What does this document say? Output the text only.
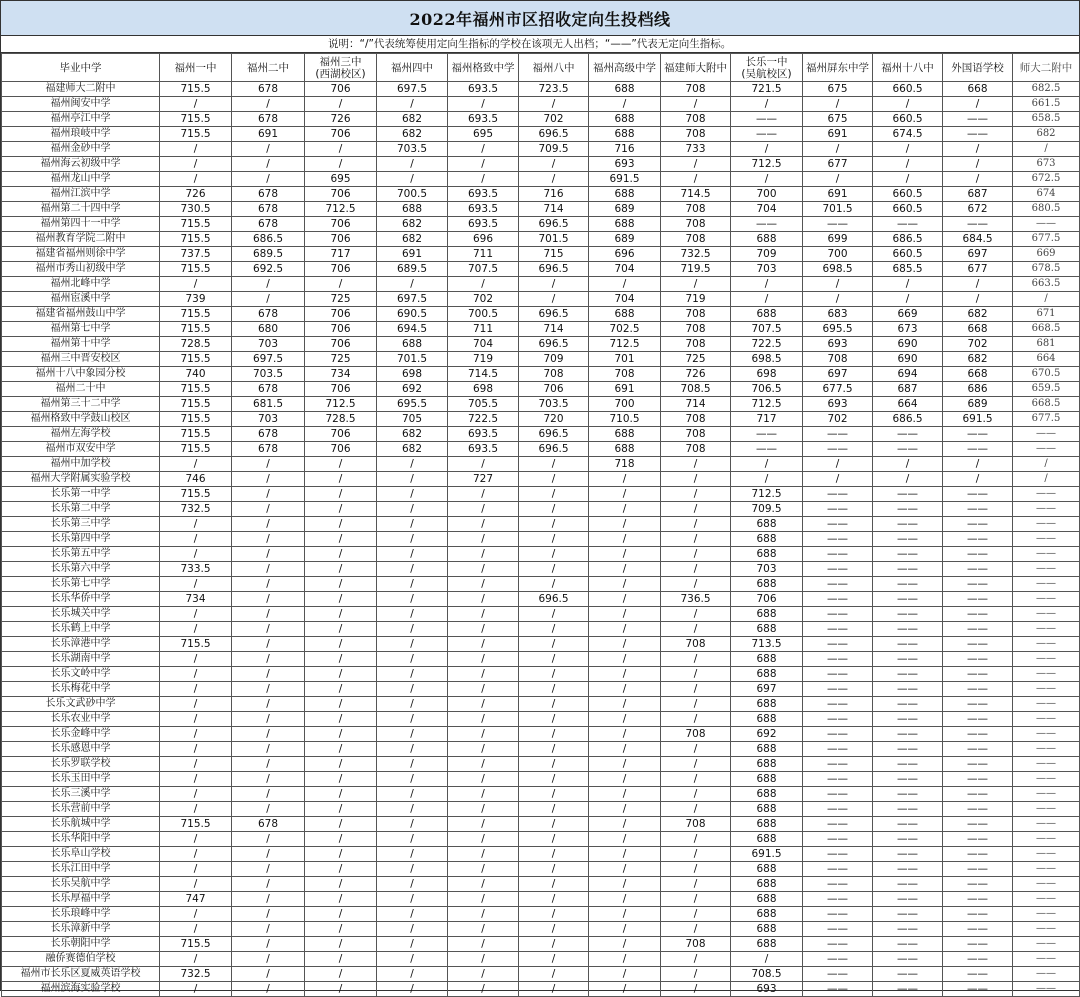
2022年福州市区招收定向生投档线
说明：“/”代表统筹使用定向生指标的学校在该项无人出档；“——”代表无定向生指标。
毕业中学	福州一中	福州二中	福州三中
(西湖校区)	福州四中	福州格致中学	福州八中	福州高级中学	福建师大附中	长乐一中
(吴航校区)	福州屏东中学	福州十八中	外国语学校	师大二附中
福建师大二附中	715.5	678	706	697.5	693.5	723.5	688	708	721.5	675	660.5	668	682.5
福州闽安中学	/	/	/	/	/	/	/	/	/	/	/	/	661.5
福州亭江中学	715.5	678	726	682	693.5	702	688	708	——	675	660.5	——	658.5
福州琅岐中学	715.5	691	706	682	695	696.5	688	708	——	691	674.5	——	682
福州金砂中学	/	/	/	703.5	/	709.5	716	733	/	/	/	/	/
福州海云初级中学	/	/	/	/	/	/	693	/	712.5	677	/	/	673
福州龙山中学	/	/	695	/	/	/	691.5	/	/	/	/	/	672.5
福州江滨中学	726	678	706	700.5	693.5	716	688	714.5	700	691	660.5	687	674
福州第二十四中学	730.5	678	712.5	688	693.5	714	689	708	704	701.5	660.5	672	680.5
福州第四十一中学	715.5	678	706	682	693.5	696.5	688	708	——	——	——	——	——
福州教育学院二附中	715.5	686.5	706	682	696	701.5	689	708	688	699	686.5	684.5	677.5
福建省福州则徐中学	737.5	689.5	717	691	711	715	696	732.5	709	700	660.5	697	669
福州市秀山初级中学	715.5	692.5	706	689.5	707.5	696.5	704	719.5	703	698.5	685.5	677	678.5
福州北峰中学	/	/	/	/	/	/	/	/	/	/	/	/	663.5
福州宦溪中学	739	/	725	697.5	702	/	704	719	/	/	/	/	/
福建省福州鼓山中学	715.5	678	706	690.5	700.5	696.5	688	708	688	683	669	682	671
福州第七中学	715.5	680	706	694.5	711	714	702.5	708	707.5	695.5	673	668	668.5
福州第十中学	728.5	703	706	688	704	696.5	712.5	708	722.5	693	690	702	681
福州三中晋安校区	715.5	697.5	725	701.5	719	709	701	725	698.5	708	690	682	664
福州十八中象园分校	740	703.5	734	698	714.5	708	708	726	698	697	694	668	670.5
福州二十中	715.5	678	706	692	698	706	691	708.5	706.5	677.5	687	686	659.5
福州第三十二中学	715.5	681.5	712.5	695.5	705.5	703.5	700	714	712.5	693	664	689	668.5
福州格致中学鼓山校区	715.5	703	728.5	705	722.5	720	710.5	708	717	702	686.5	691.5	677.5
福州左海学校	715.5	678	706	682	693.5	696.5	688	708	——	——	——	——	——
福州市双安中学	715.5	678	706	682	693.5	696.5	688	708	——	——	——	——	——
福州中加学校	/	/	/	/	/	/	718	/	/	/	/	/	/
福州大学附属实验学校	746	/	/	/	727	/	/	/	/	/	/	/	/
长乐第一中学	715.5	/	/	/	/	/	/	/	712.5	——	——	——	——
长乐第二中学	732.5	/	/	/	/	/	/	/	709.5	——	——	——	——
长乐第三中学	/	/	/	/	/	/	/	/	688	——	——	——	——
长乐第四中学	/	/	/	/	/	/	/	/	688	——	——	——	——
长乐第五中学	/	/	/	/	/	/	/	/	688	——	——	——	——
长乐第六中学	733.5	/	/	/	/	/	/	/	703	——	——	——	——
长乐第七中学	/	/	/	/	/	/	/	/	688	——	——	——	——
长乐华侨中学	734	/	/	/	/	696.5	/	736.5	706	——	——	——	——
长乐城关中学	/	/	/	/	/	/	/	/	688	——	——	——	——
长乐鹤上中学	/	/	/	/	/	/	/	/	688	——	——	——	——
长乐漳港中学	715.5	/	/	/	/	/	/	708	713.5	——	——	——	——
长乐湖南中学	/	/	/	/	/	/	/	/	688	——	——	——	——
长乐文岭中学	/	/	/	/	/	/	/	/	688	——	——	——	——
长乐梅花中学	/	/	/	/	/	/	/	/	697	——	——	——	——
长乐文武砂中学	/	/	/	/	/	/	/	/	688	——	——	——	——
长乐农业中学	/	/	/	/	/	/	/	/	688	——	——	——	——
长乐金峰中学	/	/	/	/	/	/	/	708	692	——	——	——	——
长乐感恩中学	/	/	/	/	/	/	/	/	688	——	——	——	——
长乐罗联学校	/	/	/	/	/	/	/	/	688	——	——	——	——
长乐玉田中学	/	/	/	/	/	/	/	/	688	——	——	——	——
长乐三溪中学	/	/	/	/	/	/	/	/	688	——	——	——	——
长乐营前中学	/	/	/	/	/	/	/	/	688	——	——	——	——
长乐航城中学	715.5	678	/	/	/	/	/	708	688	——	——	——	——
长乐华阳中学	/	/	/	/	/	/	/	/	688	——	——	——	——
长乐阜山学校	/	/	/	/	/	/	/	/	691.5	——	——	——	——
长乐江田中学	/	/	/	/	/	/	/	/	688	——	——	——	——
长乐吴航中学	/	/	/	/	/	/	/	/	688	——	——	——	——
长乐厚福中学	747	/	/	/	/	/	/	/	688	——	——	——	——
长乐琅峰中学	/	/	/	/	/	/	/	/	688	——	——	——	——
长乐漳新中学	/	/	/	/	/	/	/	/	688	——	——	——	——
长乐朝阳中学	715.5	/	/	/	/	/	/	708	688	——	——	——	——
融侨赛德伯学校	/	/	/	/	/	/	/	/	/	——	——	——	——
福州市长乐区夏威英语学校	732.5	/	/	/	/	/	/	/	708.5	——	——	——	——
福州滨海实验学校	/	/	/	/	/	/	/	/	693	——	——	——	——
